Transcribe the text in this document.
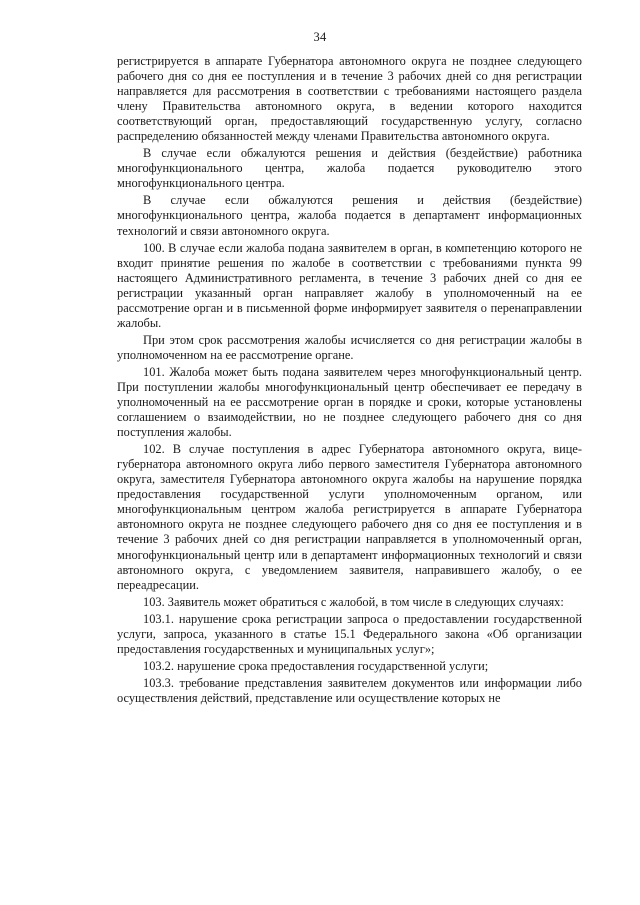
34

регистрируется в аппарате Губернатора автономного округа не позднее следующего рабочего дня со дня ее поступления и в течение 3 рабочих дней со дня регистрации направляется для рассмотрения в соответствии с требованиями настоящего раздела члену Правительства автономного округа, в ведении которого находится соответствующий орган, предоставляющий государственную услугу, согласно распределению обязанностей между членами Правительства автономного округа.

В случае если обжалуются решения и действия (бездействие) работника многофункционального центра, жалоба подается руководителю этого многофункционального центра.

В случае если обжалуются решения и действия (бездействие) многофункционального центра, жалоба подается в департамент информационных технологий и связи автономного округа.

100. В случае если жалоба подана заявителем в орган, в компетенцию которого не входит принятие решения по жалобе в соответствии с требованиями пункта 99 настоящего Административного регламента, в течение 3 рабочих дней со дня ее регистрации указанный орган направляет жалобу в уполномоченный на ее рассмотрение орган и в письменной форме информирует заявителя о перенаправлении жалобы.

При этом срок рассмотрения жалобы исчисляется со дня регистрации жалобы в уполномоченном на ее рассмотрение органе.

101. Жалоба может быть подана заявителем через многофункциональный центр. При поступлении жалобы многофункциональный центр обеспечивает ее передачу в уполномоченный на ее рассмотрение орган в порядке и сроки, которые установлены соглашением о взаимодействии, но не позднее следующего рабочего дня со дня поступления жалобы.

102. В случае поступления в адрес Губернатора автономного округа, вице-губернатора автономного округа либо первого заместителя Губернатора автономного округа, заместителя Губернатора автономного округа жалобы на нарушение порядка предоставления государственной услуги уполномоченным органом, или многофункциональным центром жалоба регистрируется в аппарате Губернатора автономного округа не позднее следующего рабочего дня со дня ее поступления и в течение 3 рабочих дней со дня регистрации направляется в уполномоченный орган, многофункциональный центр или в департамент информационных технологий и связи автономного округа, с уведомлением заявителя, направившего жалобу, о ее переадресации.

103. Заявитель может обратиться с жалобой, в том числе в следующих случаях:

103.1. нарушение срока регистрации запроса о предоставлении государственной услуги, запроса, указанного в статье 15.1 Федерального закона «Об организации предоставления государственных и муниципальных услуг»;

103.2. нарушение срока предоставления государственной услуги;

103.3. требование представления заявителем документов или информации либо осуществления действий, представление или осуществление которых не
